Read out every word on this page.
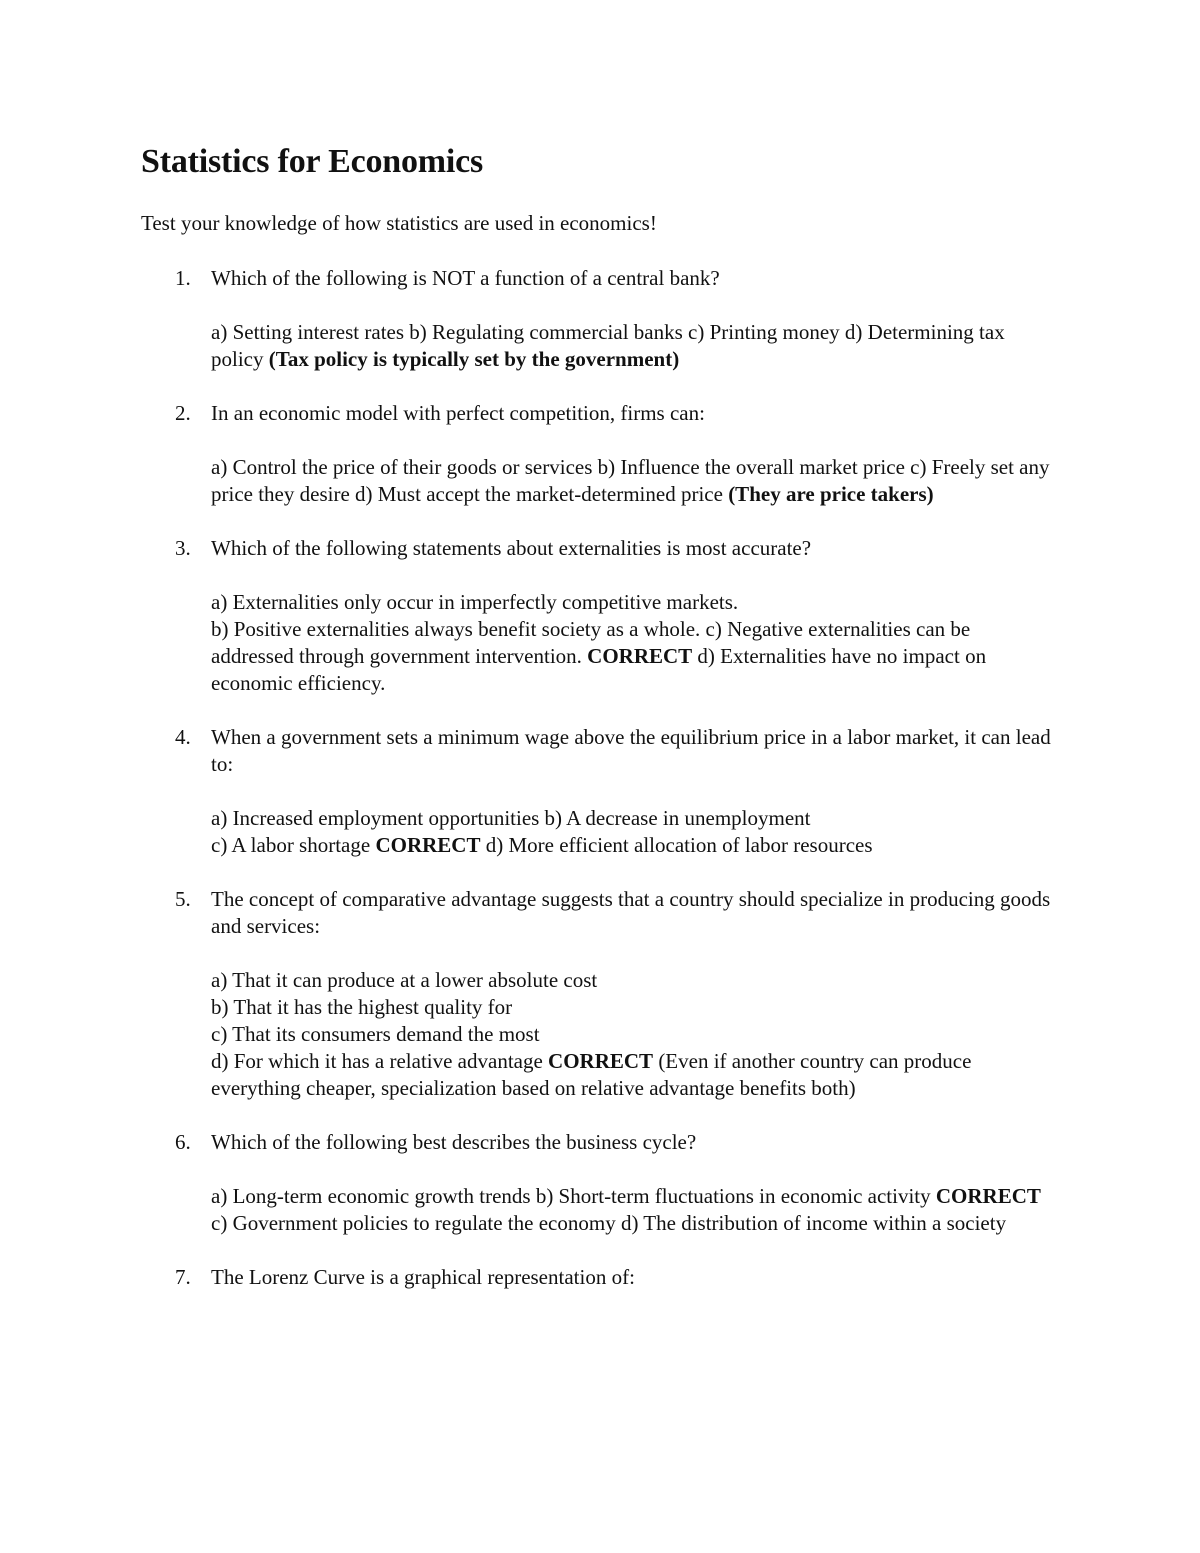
Statistics for Economics

Test your knowledge of how statistics are used in economics!

1. Which of the following is NOT a function of a central bank?
a) Setting interest rates b) Regulating commercial banks c) Printing money d) Determining tax policy (Tax policy is typically set by the government)
2. In an economic model with perfect competition, firms can:
a) Control the price of their goods or services b) Influence the overall market price c) Freely set any price they desire d) Must accept the market-determined price (They are price takers)
3. Which of the following statements about externalities is most accurate?
a) Externalities only occur in imperfectly competitive markets.
b) Positive externalities always benefit society as a whole. c) Negative externalities can be addressed through government intervention. CORRECT d) Externalities have no impact on economic efficiency.
4. When a government sets a minimum wage above the equilibrium price in a labor market, it can lead to:
a) Increased employment opportunities b) A decrease in unemployment
c) A labor shortage CORRECT d) More efficient allocation of labor resources
5. The concept of comparative advantage suggests that a country should specialize in producing goods and services:
a) That it can produce at a lower absolute cost
b) That it has the highest quality for
c) That its consumers demand the most
d) For which it has a relative advantage CORRECT (Even if another country can produce everything cheaper, specialization based on relative advantage benefits both)
6. Which of the following best describes the business cycle?
a) Long-term economic growth trends b) Short-term fluctuations in economic activity CORRECT c) Government policies to regulate the economy d) The distribution of income within a society
7. The Lorenz Curve is a graphical representation of:
